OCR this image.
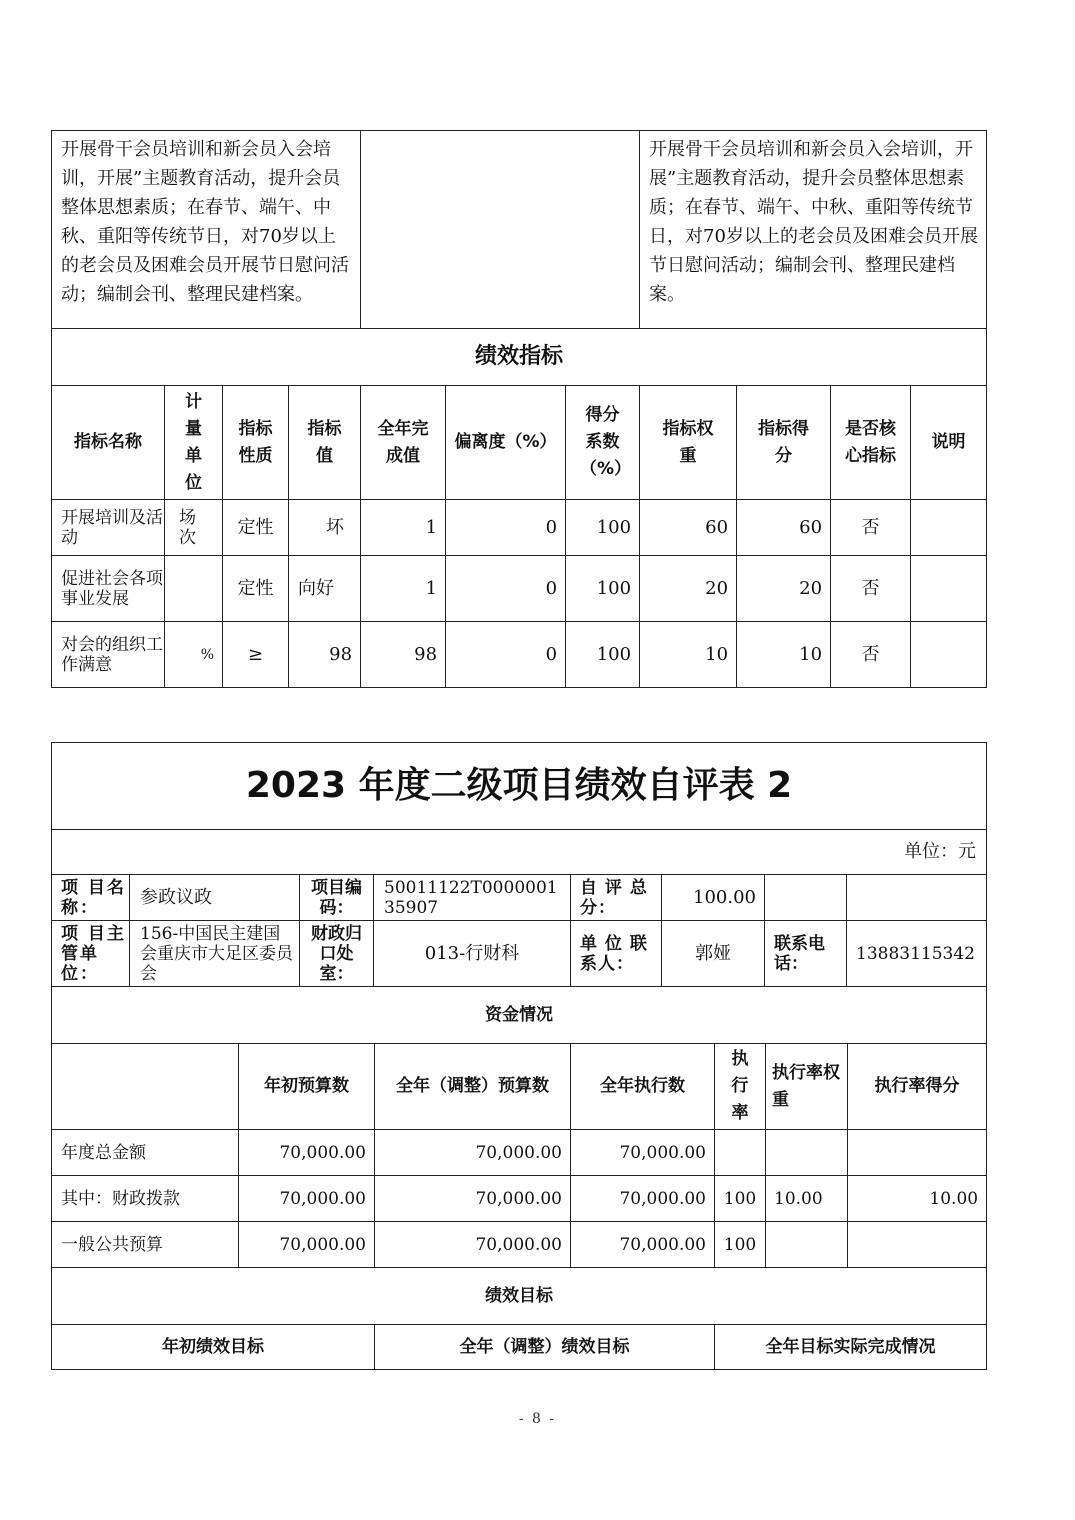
开展骨干会员培训和新会员入会培训，开展”主题教育活动，提升会员整体思想素质；在春节、端午、中秋、重阳等传统节日，对70岁以上的老会员及困难会员开展节日慰问活动；编制会刊、整理民建档案。							开展骨干会员培训和新会员入会培训，开展”主题教育活动，提升会员整体思想素质；在春节、端午、中秋、重阳等传统节日，对70岁以上的老会员及困难会员开展节日慰问活动；编制会刊、整理民建档案。			
绩效指标										
指标名称	计量单位	指标性质	指标值	全年完成值	偏离度（%）	得分系数（%）	指标权重	指标得分	是否核心指标	说明
开展培训及活动	场次	定性	坏	1	0	100	60	60	否	
促进社会各项事业发展		定性	向好	1	0	100	20	20	否	
对会的组织工作满意	%	≥	98	98	0	100	10	10	否	
2023 年度二级项目绩效自评表 2							
单位：元							
项 目名称：	参政议政	项目编码：	50011122T000000135907	自 评 总分：	100.00		
项 目主 管单位：	156-中国民主建国会重庆市大足区委员会	财政归口处室：	013-行财科	单 位 联系人：	郭娅	联系电话：	13883115342
资金情况						
	年初预算数	全年（调整）预算数	全年执行数	执行率	执行率权重	执行率得分
年度总金额	70,000.00	70,000.00	70,000.00			
其中：财政拨款	70,000.00	70,000.00	70,000.00	100	10.00	10.00
一般公共预算	70,000.00	70,000.00	70,000.00	100		
绩效目标						
年初绩效目标		全年（调整）绩效目标		全年目标实际完成情况		
- 8 -
